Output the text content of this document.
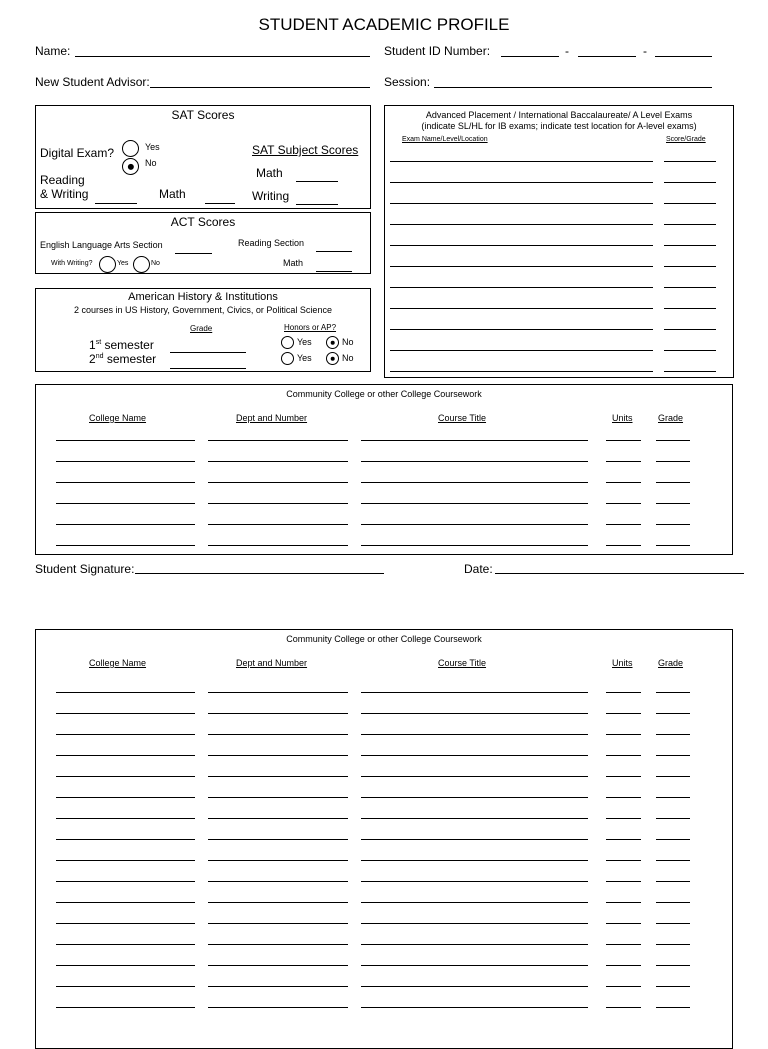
STUDENT ACADEMIC PROFILE
Name:	Student ID Number:	-	-
New Student Advisor:	Session:
SAT Scores
Digital Exam?	Yes
No
Reading
& Writing	Math
SAT Subject Scores
Math
Writing
ACT Scores
English Language Arts Section	Reading Section
With Writing?	Yes	No	Math
American History & Institutions
2 courses in US History, Government, Civics, or Political Science
Grade	Honors or AP?
1st semester	Yes	No
2nd semester	Yes	No
Advanced Placement / International Baccalaureate/ A Level Exams
(indicate SL/HL for IB exams; indicate test location for A-level exams)
Exam Name/Level/Location	Score/Grade
Community College or other College Coursework
College Name	Dept and Number	Course Title	Units	Grade
Student Signature:	Date:
Community College or other College Coursework
College Name	Dept and Number	Course Title	Units	Grade
